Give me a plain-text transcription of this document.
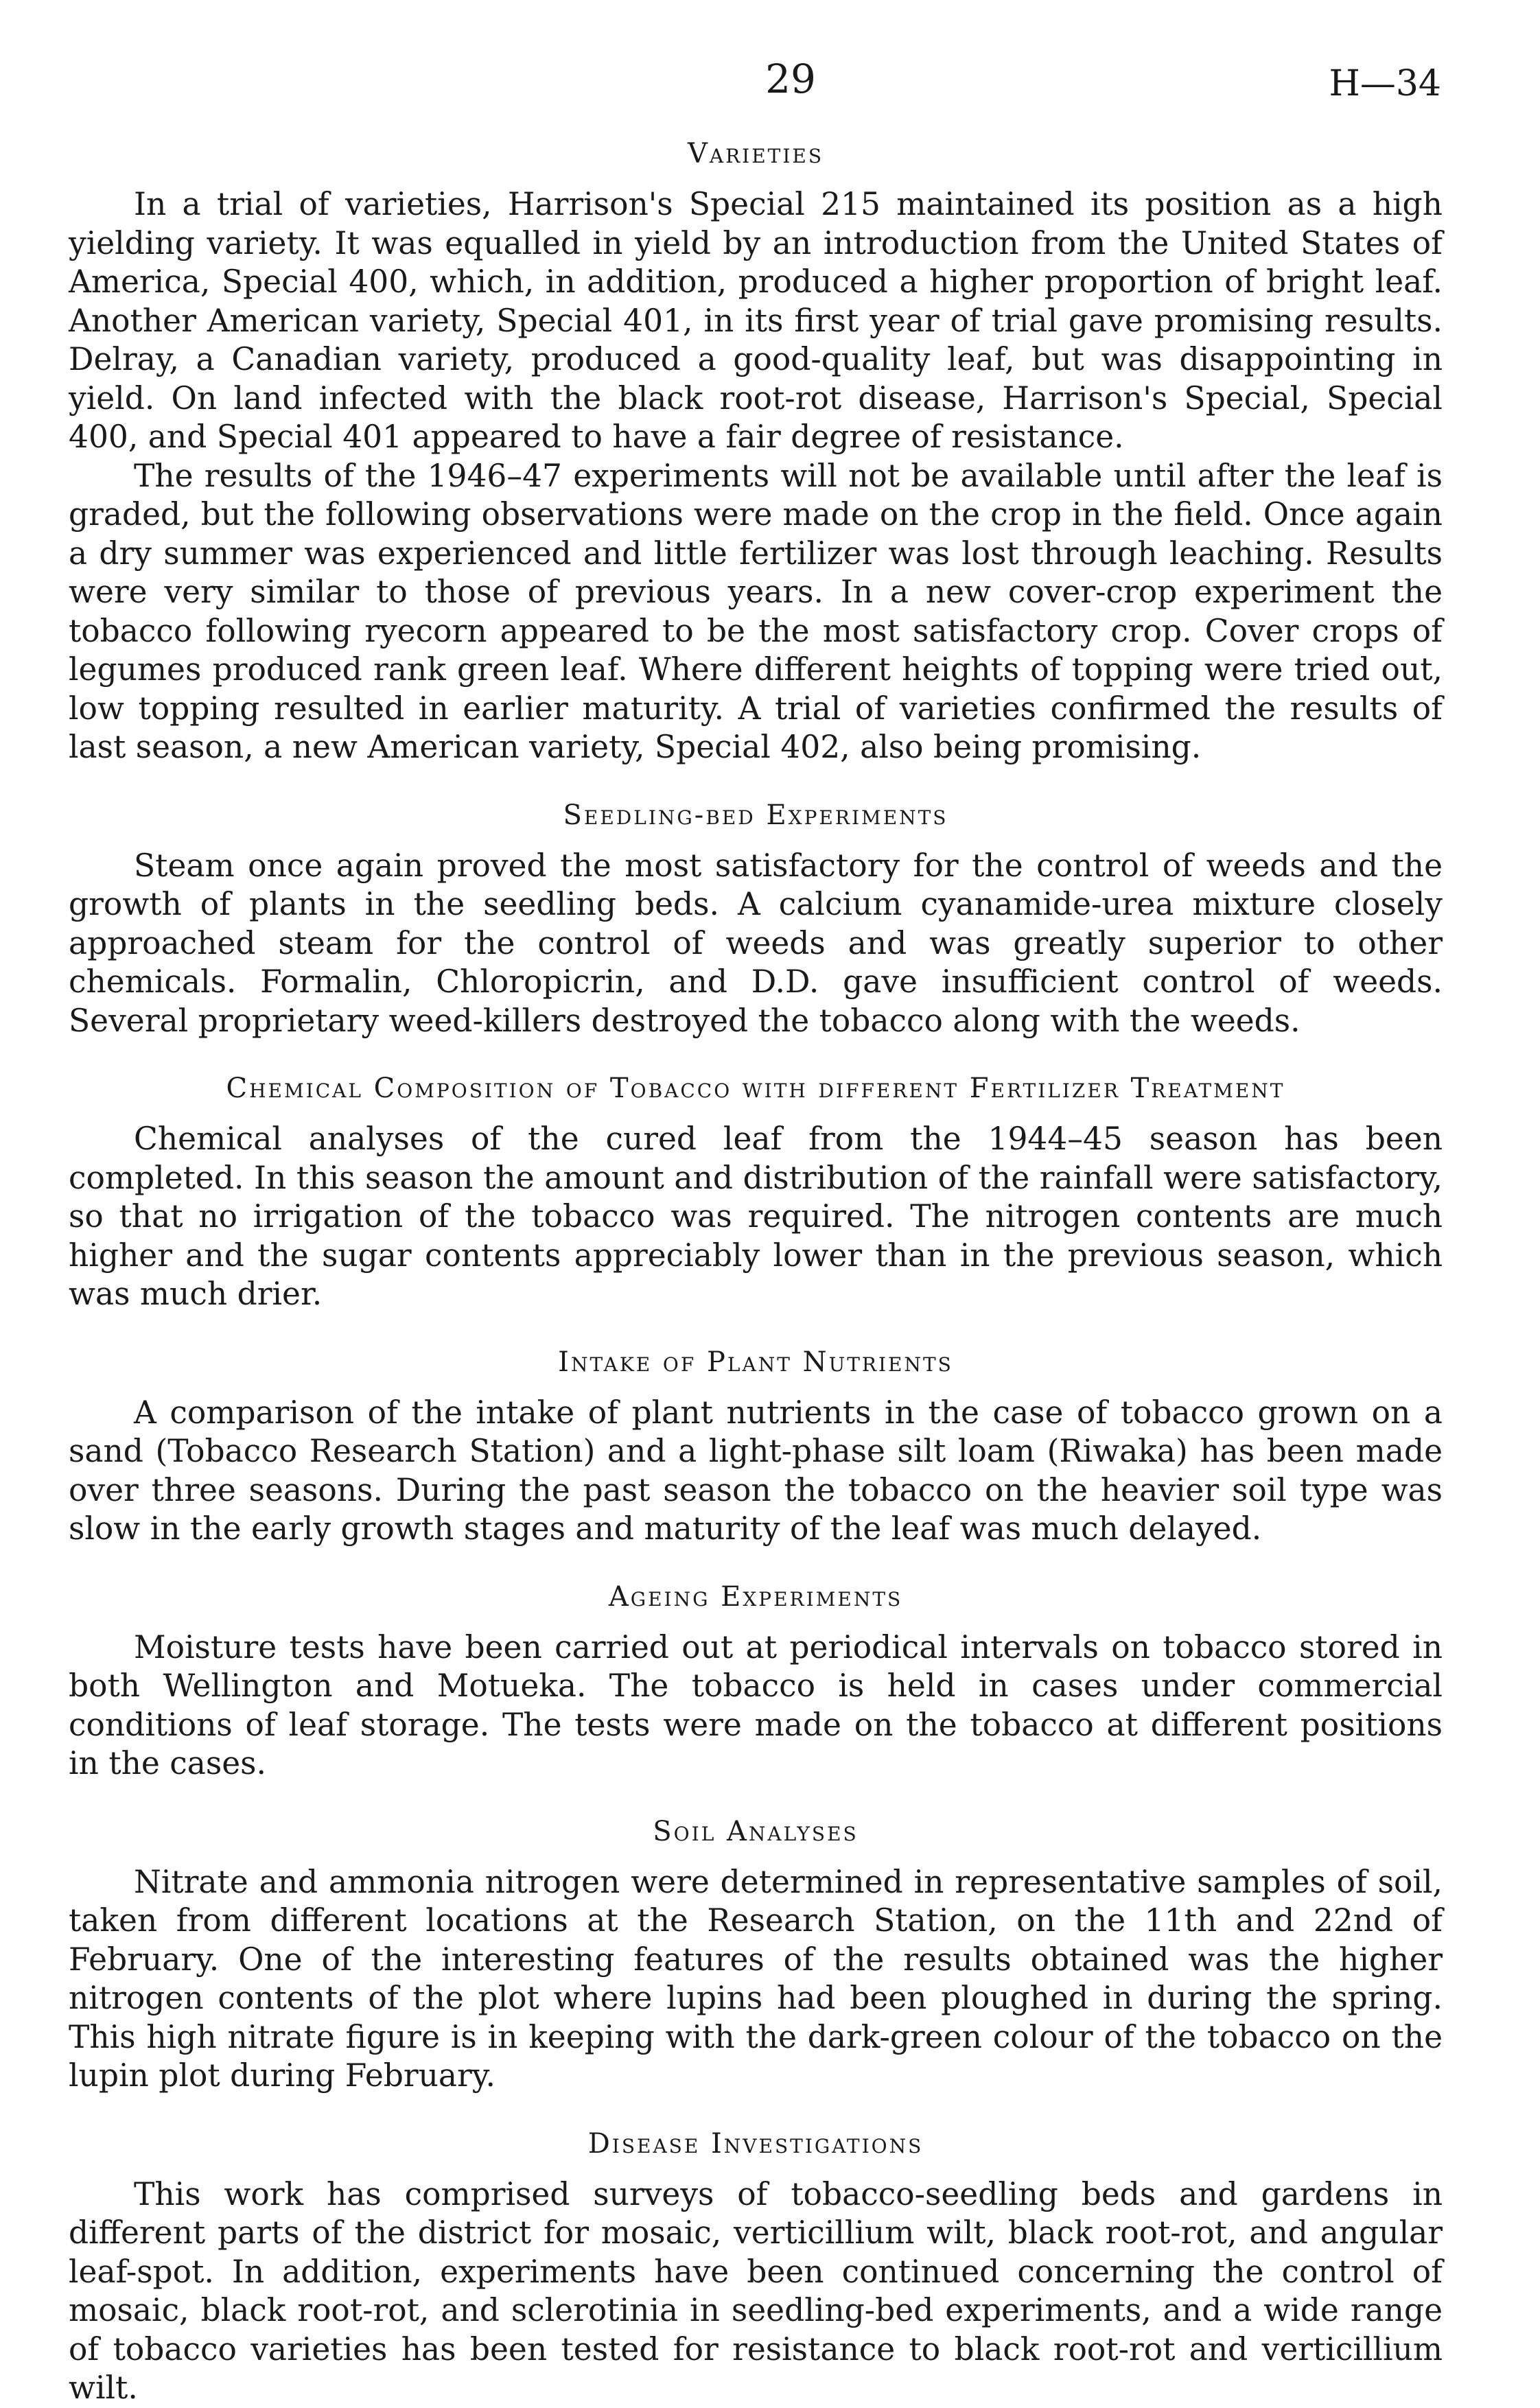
29	H—34
Varieties

In a trial of varieties, Harrison's Special 215 maintained its position as a high yielding variety. It was equalled in yield by an introduction from the United States of America, Special 400, which, in addition, produced a higher proportion of bright leaf. Another American variety, Special 401, in its first year of trial gave promising results. Delray, a Canadian variety, produced a good-quality leaf, but was disappointing in yield. On land infected with the black root-rot disease, Harrison's Special, Special 400, and Special 401 appeared to have a fair degree of resistance.

The results of the 1946–47 experiments will not be available until after the leaf is graded, but the following observations were made on the crop in the field. Once again a dry summer was experienced and little fertilizer was lost through leaching. Results were very similar to those of previous years. In a new cover-crop experiment the tobacco following ryecorn appeared to be the most satisfactory crop. Cover crops of legumes produced rank green leaf. Where different heights of topping were tried out, low topping resulted in earlier maturity. A trial of varieties confirmed the results of last season, a new American variety, Special 402, also being promising.

Seedling-bed Experiments

Steam once again proved the most satisfactory for the control of weeds and the growth of plants in the seedling beds. A calcium cyanamide-urea mixture closely approached steam for the control of weeds and was greatly superior to other chemicals. Formalin, Chloropicrin, and D.D. gave insufficient control of weeds. Several proprietary weed-killers destroyed the tobacco along with the weeds.

Chemical Composition of Tobacco with different Fertilizer Treatment

Chemical analyses of the cured leaf from the 1944–45 season has been completed. In this season the amount and distribution of the rainfall were satisfactory, so that no irrigation of the tobacco was required. The nitrogen contents are much higher and the sugar contents appreciably lower than in the previous season, which was much drier.

Intake of Plant Nutrients

A comparison of the intake of plant nutrients in the case of tobacco grown on a sand (Tobacco Research Station) and a light-phase silt loam (Riwaka) has been made over three seasons. During the past season the tobacco on the heavier soil type was slow in the early growth stages and maturity of the leaf was much delayed.

Ageing Experiments

Moisture tests have been carried out at periodical intervals on tobacco stored in both Wellington and Motueka. The tobacco is held in cases under commercial conditions of leaf storage. The tests were made on the tobacco at different positions in the cases.

Soil Analyses

Nitrate and ammonia nitrogen were determined in representative samples of soil, taken from different locations at the Research Station, on the 11th and 22nd of February. One of the interesting features of the results obtained was the higher nitrogen contents of the plot where lupins had been ploughed in during the spring. This high nitrate figure is in keeping with the dark-green colour of the tobacco on the lupin plot during February.

Disease Investigations

This work has comprised surveys of tobacco-seedling beds and gardens in different parts of the district for mosaic, verticillium wilt, black root-rot, and angular leaf-spot. In addition, experiments have been continued concerning the control of mosaic, black root-rot, and sclerotinia in seedling-bed experiments, and a wide range of tobacco varieties has been tested for resistance to black root-rot and verticillium wilt.
